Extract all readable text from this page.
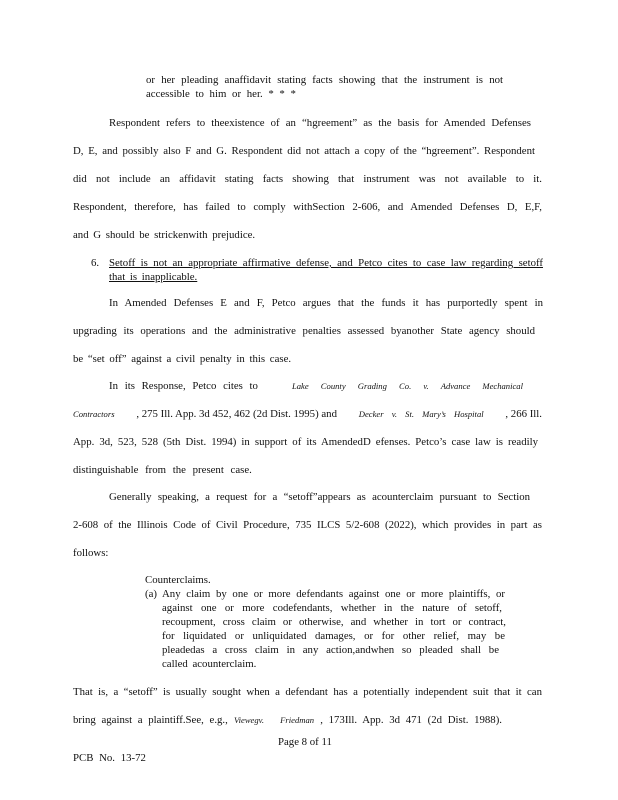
or her pleading anaffidavit stating facts showing that the instrument is not
accessible to him or her. * * *
Respondent refers to theexistence of an “hgreement” as the basis for Amended Defenses
D, E, and possibly also F and G. Respondent did not attach a copy of the “hgreement”. Respondent
did not include an affidavit stating facts showing that instrument was not available to it.
Respondent, therefore, has failed to comply withSection 2-606, and Amended Defenses D, E,F,
and G should be strickenwith prejudice.
6. Setoff is not an appropriate affirmative defense, and Petco cites to case law regarding setoff
that is inapplicable.
In Amended Defenses E and F, Petco argues that the funds it has purportedly spent in
upgrading its operations and the administrative penalties assessed byanother State agency should
be “set off” against a civil penalty in this case.
In its Response, Petco cites to	Lake County Grading Co. v. Advance Mechanical
Contractors , 275 Ill. App. 3d 452, 462 (2d Dist. 1995) and	Decker v. St. Mary’s Hospital , 266 Ill.
App. 3d, 523, 528 (5th Dist. 1994) in support of its AmendedD efenses. Petco’s case law is readily
distinguishable from the present case.
Generally speaking, a request for a “setoff”appears as acounterclaim pursuant to Section
2-608 of the Illinois Code of Civil Procedure, 735 ILCS 5/2-608 (2022), which provides in part as
follows:
Counterclaims.
(a) Any claim by one or more defendants against one or more plaintiffs, or
against one or more codefendants, whether in the nature of setoff,
recoupment, cross claim or otherwise, and whether in tort or contract,
for liquidated or unliquidated damages, or for other relief, may be
pleadedas a cross claim in any action,andwhen so pleaded shall be
called acounterclaim.
That is, a “setoff” is usually sought when a defendant has a potentially independent suit that it can
bring against a plaintiff.See, e.g., Viewegv. Friedman , 173Ill. App. 3d 471 (2d Dist. 1988).
Page 8 of 11
PCB No. 13-72
